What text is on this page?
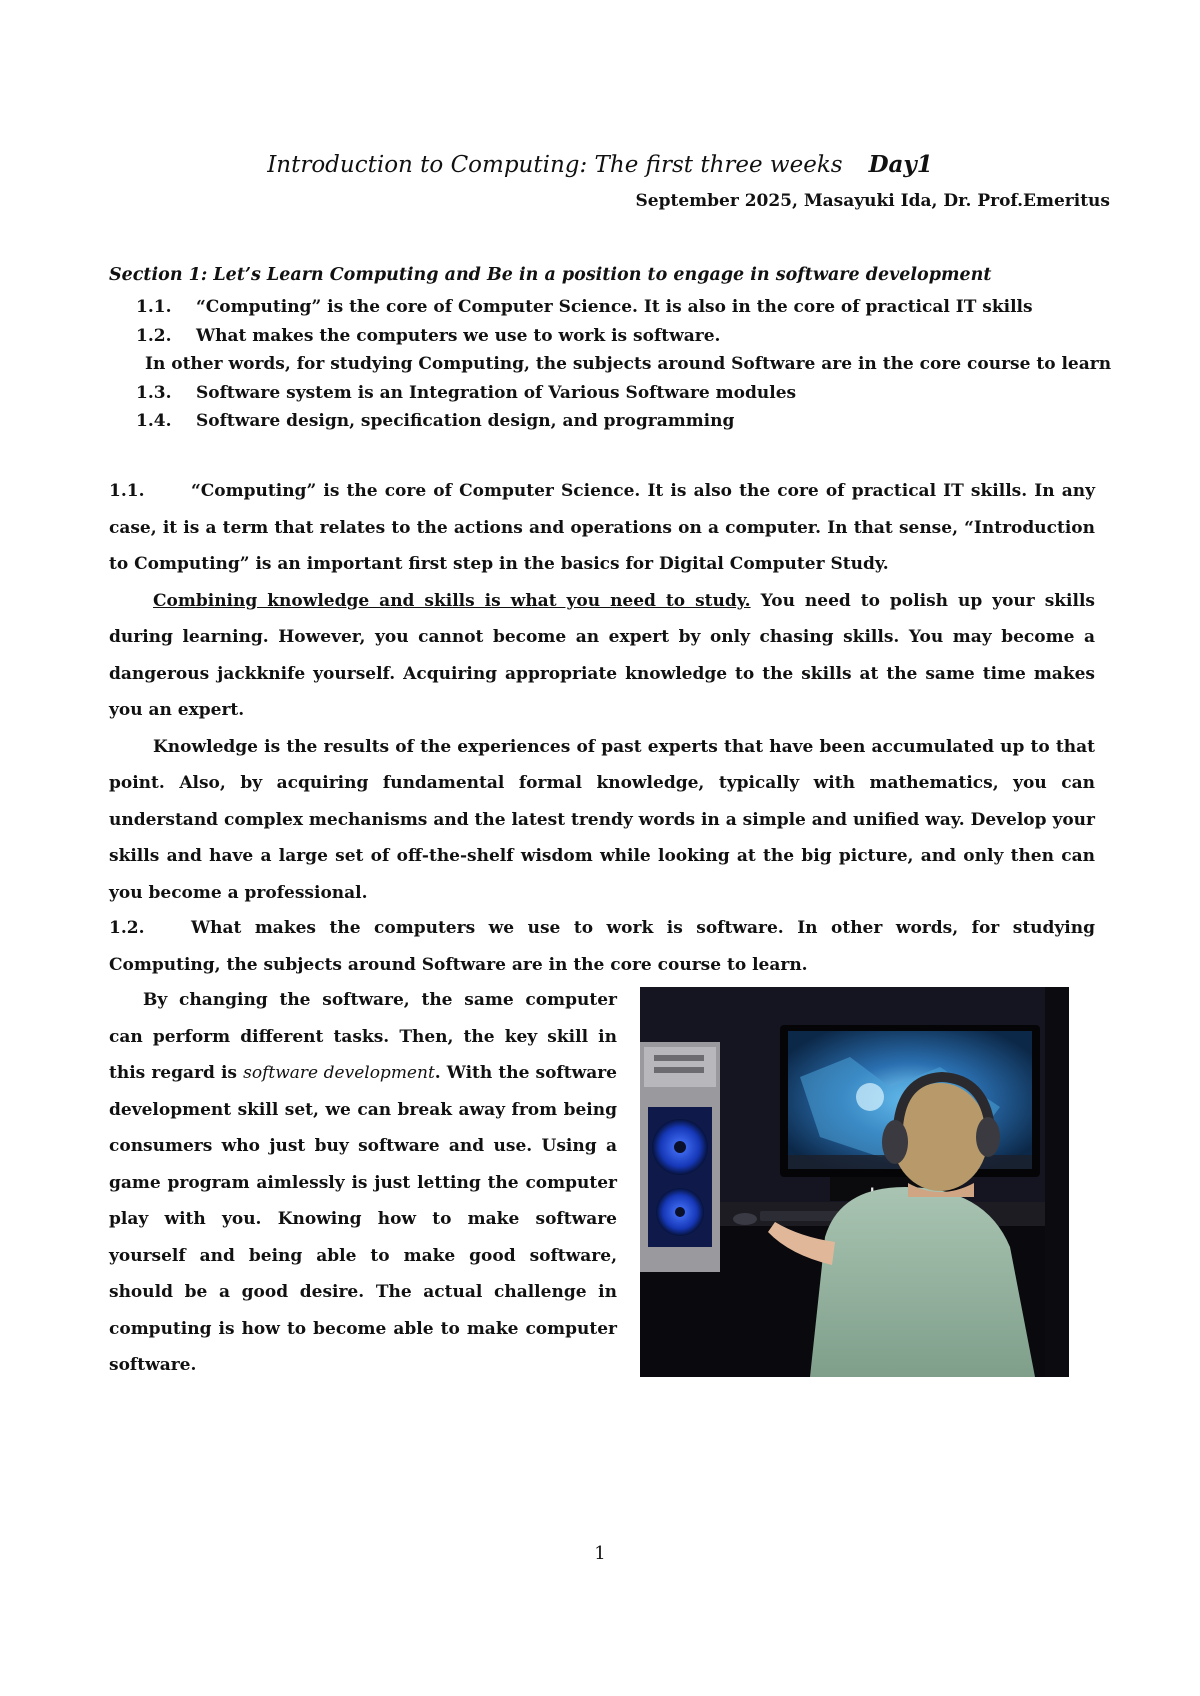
Introduction to Computing: The first three weeks Day1
September 2025, Masayuki Ida, Dr. Prof.Emeritus
Section 1: Let’s Learn Computing and Be in a position to engage in software development
1.1. “Computing” is the core of Computer Science. It is also in the core of practical IT skills
1.2. What makes the computers we use to work is software.
In other words, for studying Computing, the subjects around Software are in the core course to learn
1.3. Software system is an Integration of Various Software modules
1.4. Software design, specification design, and programming

1.1.	“Computing” is the core of Computer Science. It is also the core of practical IT skills. In any case, it is a term that relates to the actions and operations on a computer. In that sense, “Introduction to Computing” is an important first step in the basics for Digital Computer Study.

Combining knowledge and skills is what you need to study. You need to polish up your skills during learning. However, you cannot become an expert by only chasing skills. You may become a dangerous jackknife yourself. Acquiring appropriate knowledge to the skills at the same time makes you an expert.

Knowledge is the results of the experiences of past experts that have been accumulated up to that point. Also, by acquiring fundamental formal knowledge, typically with mathematics, you can understand complex mechanisms and the latest trendy words in a simple and unified way. Develop your skills and have a large set of off-the-shelf wisdom while looking at the big picture, and only then can you become a professional.

1.2.	What makes the computers we use to work is software. In other words, for studying Computing, the subjects around Software are in the core course to learn.

By changing the software, the same computer can perform different tasks. Then, the key skill in this regard is software development. With the software development skill set, we can break away from being consumers who just buy software and use. Using a game program aimlessly is just letting the computer play with you. Knowing how to make software yourself and being able to make good software, should be a good desire. The actual challenge in computing is how to become able to make computer software.

1
